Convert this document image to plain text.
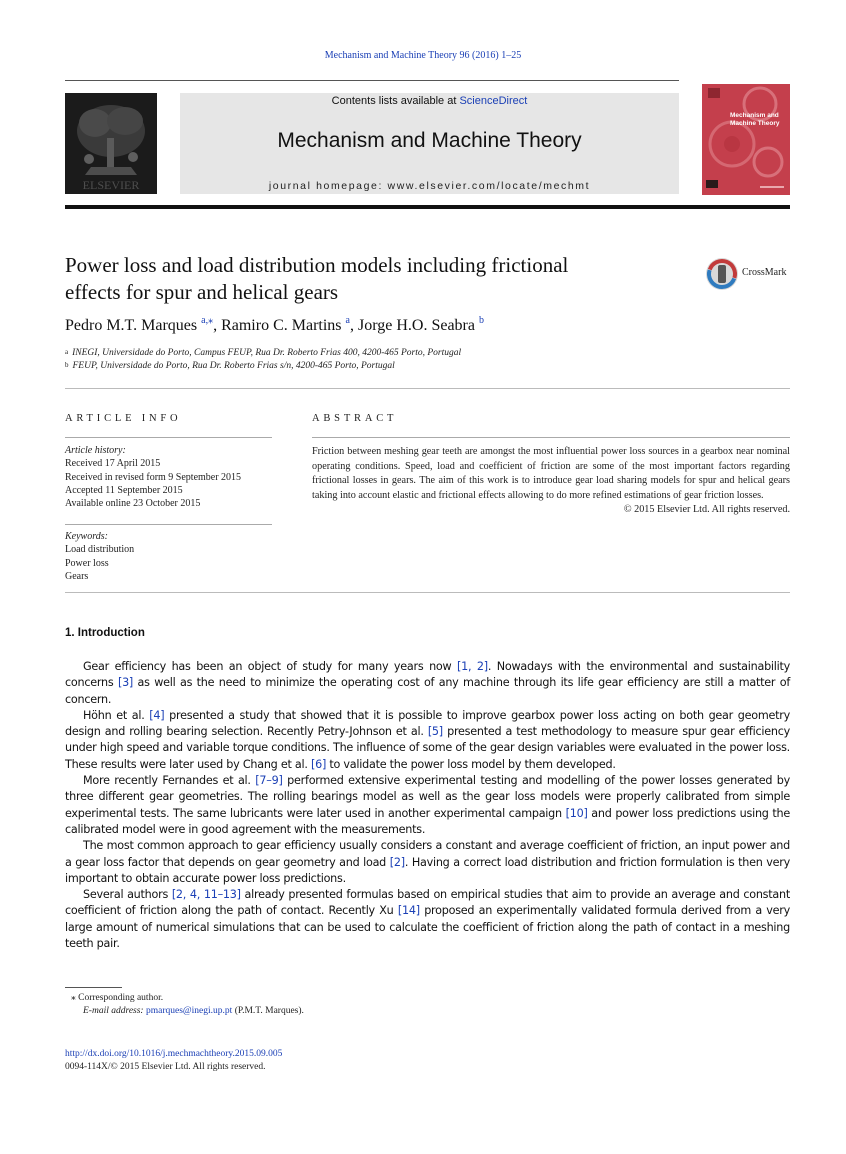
Mechanism and Machine Theory 96 (2016) 1–25
ELSEVIER
Contents lists available at ScienceDirect
Mechanism and Machine Theory
journal homepage: www.elsevier.com/locate/mechmt
Mechanism and Machine Theory
Power loss and load distribution models including frictional
effects for spur and helical gears
CrossMark
Pedro M.T. Marques $^{a,⁎}$, Ramiro C. Martins $^a$, Jorge H.O. Seabra $^b$
$^a$ INEGI, Universidade do Porto, Campus FEUP, Rua Dr. Roberto Frias 400, 4200-465 Porto, Portugal
$^b$ FEUP, Universidade do Porto, Rua Dr. Roberto Frias s/n, 4200-465 Porto, Portugal
ARTICLE INFO
Article history:
Received 17 April 2015
Received in revised form 9 September 2015
Accepted 11 September 2015
Available online 23 October 2015
Keywords:
Load distribution
Power loss
Gears
ABSTRACT
Friction between meshing gear teeth are amongst the most influential power loss sources in a gearbox near nominal operating conditions. Speed, load and coefficient of friction are some of the most important factors regarding frictional losses in gears. The aim of this work is to introduce gear load sharing models for spur and helical gears taking into account elastic and frictional effects allowing to do more refined estimations of gear friction losses.
© 2015 Elsevier Ltd. All rights reserved.
1. Introduction

Gear efficiency has been an object of study for many years now [1, 2]. Nowadays with the environmental and sustainability concerns [3] as well as the need to minimize the operating cost of any machine through its life gear efficiency are still a matter of concern.

Höhn et al. [4] presented a study that showed that it is possible to improve gearbox power loss acting on both gear geometry design and rolling bearing selection. Recently Petry-Johnson et al. [5] presented a test methodology to measure spur gear efficiency under high speed and variable torque conditions. The influence of some of the gear design variables were evaluated in the power loss. These results were later used by Chang et al. [6] to validate the power loss model by them developed.

More recently Fernandes et al. [7–9] performed extensive experimental testing and modelling of the power losses generated by three different gear geometries. The rolling bearings model as well as the gear loss models were properly calibrated from simple experimental tests. The same lubricants were later used in another experimental campaign [10] and power loss predictions using the calibrated model were in good agreement with the measurements.

The most common approach to gear efficiency usually considers a constant and average coefficient of friction, an input power and a gear loss factor that depends on gear geometry and load [2]. Having a correct load distribution and friction formulation is then very important to obtain accurate power loss predictions.

Several authors [2, 4, 11–13] already presented formulas based on empirical studies that aim to provide an average and constant coefficient of friction along the path of contact. Recently Xu [14] proposed an experimentally validated formula derived from a very large amount of numerical simulations that can be used to calculate the coefficient of friction along the path of contact in a meshing teeth pair.

⁎ Corresponding author.
E-mail address: pmarques@inegi.up.pt (P.M.T. Marques).
http://dx.doi.org/10.1016/j.mechmachtheory.2015.09.005
0094-114X/© 2015 Elsevier Ltd. All rights reserved.
